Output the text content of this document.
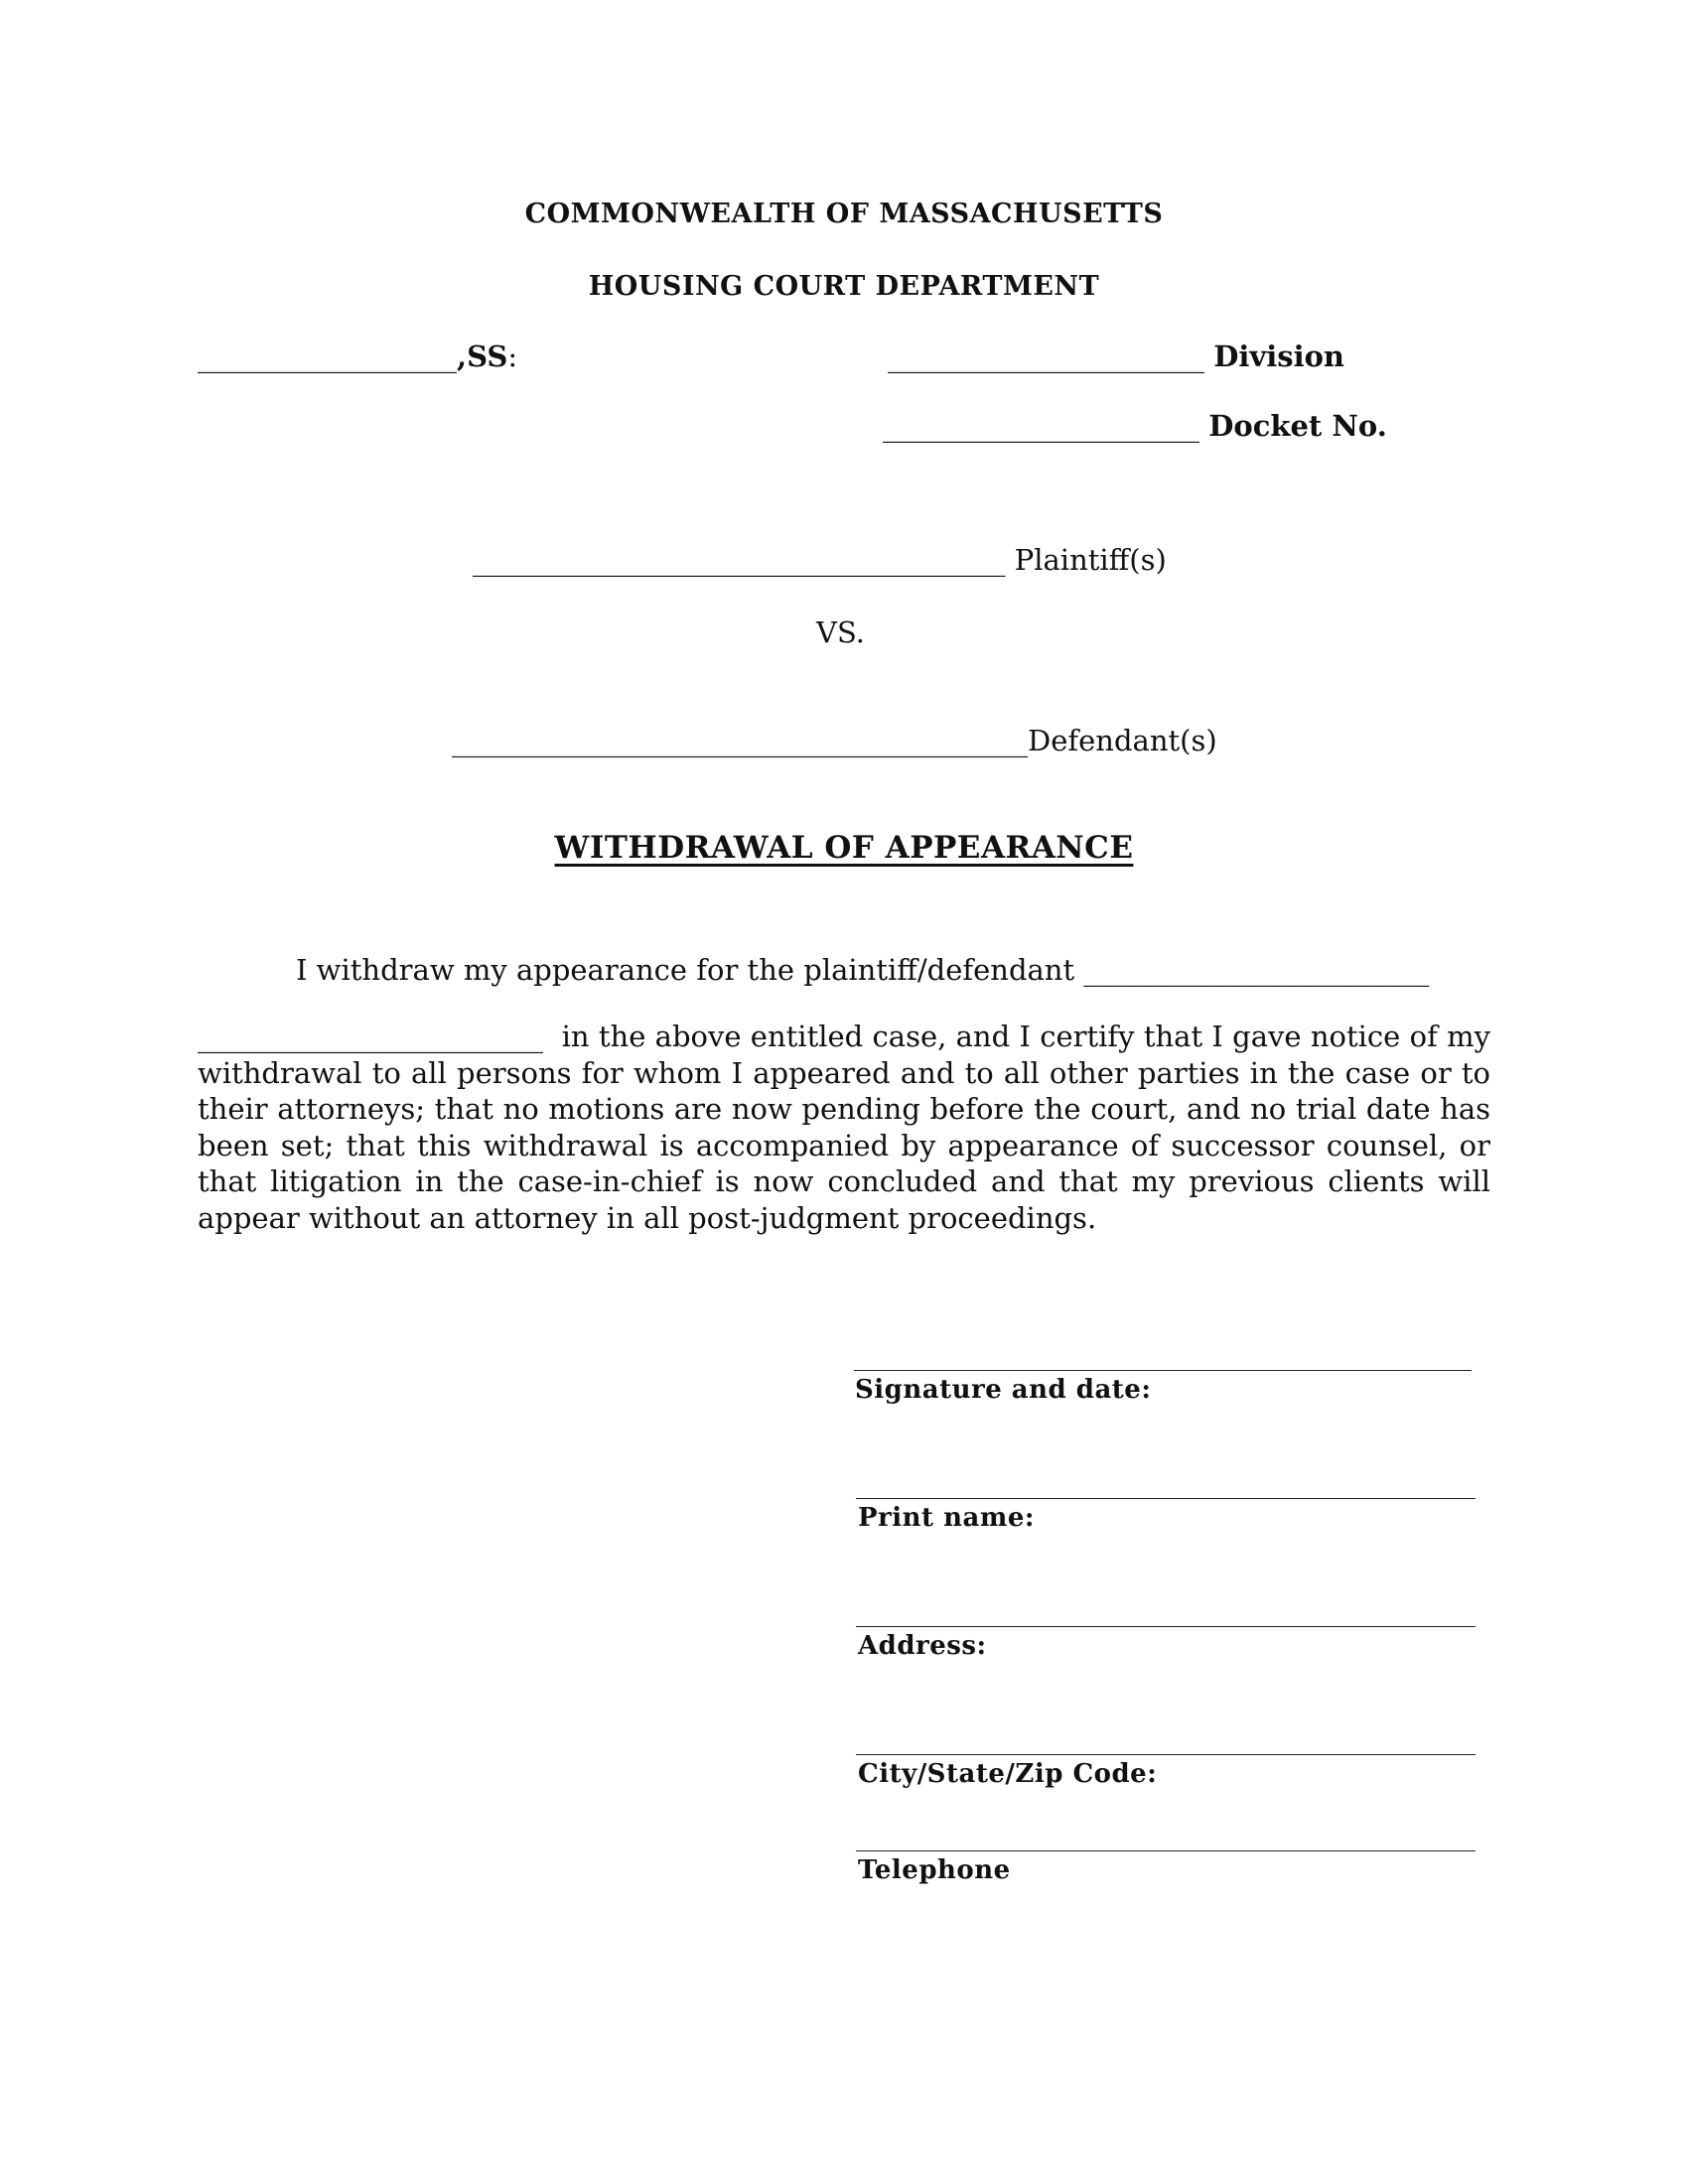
COMMONWEALTH OF MASSACHUSETTS
HOUSING COURT DEPARTMENT
__________________,SS:	______________________ Division
______________________ Docket No.
_____________________________________ Plaintiff(s)
VS.
________________________________________Defendant(s)
WITHDRAWAL OF APPEARANCE
I withdraw my appearance for the plaintiff/defendant ________________________
________________________ in the above entitled case, and I certify that I gave notice of my withdrawal to all persons for whom I appeared and to all other parties in the case or to their attorneys; that no motions are now pending before the court, and no trial date has been set; that this withdrawal is accompanied by appearance of successor counsel, or that litigation in the case-in-chief is now concluded and that my previous clients will appear without an attorney in all post-judgment proceedings.
Signature and date:
Print name:
Address:
City/State/Zip Code:
Telephone
